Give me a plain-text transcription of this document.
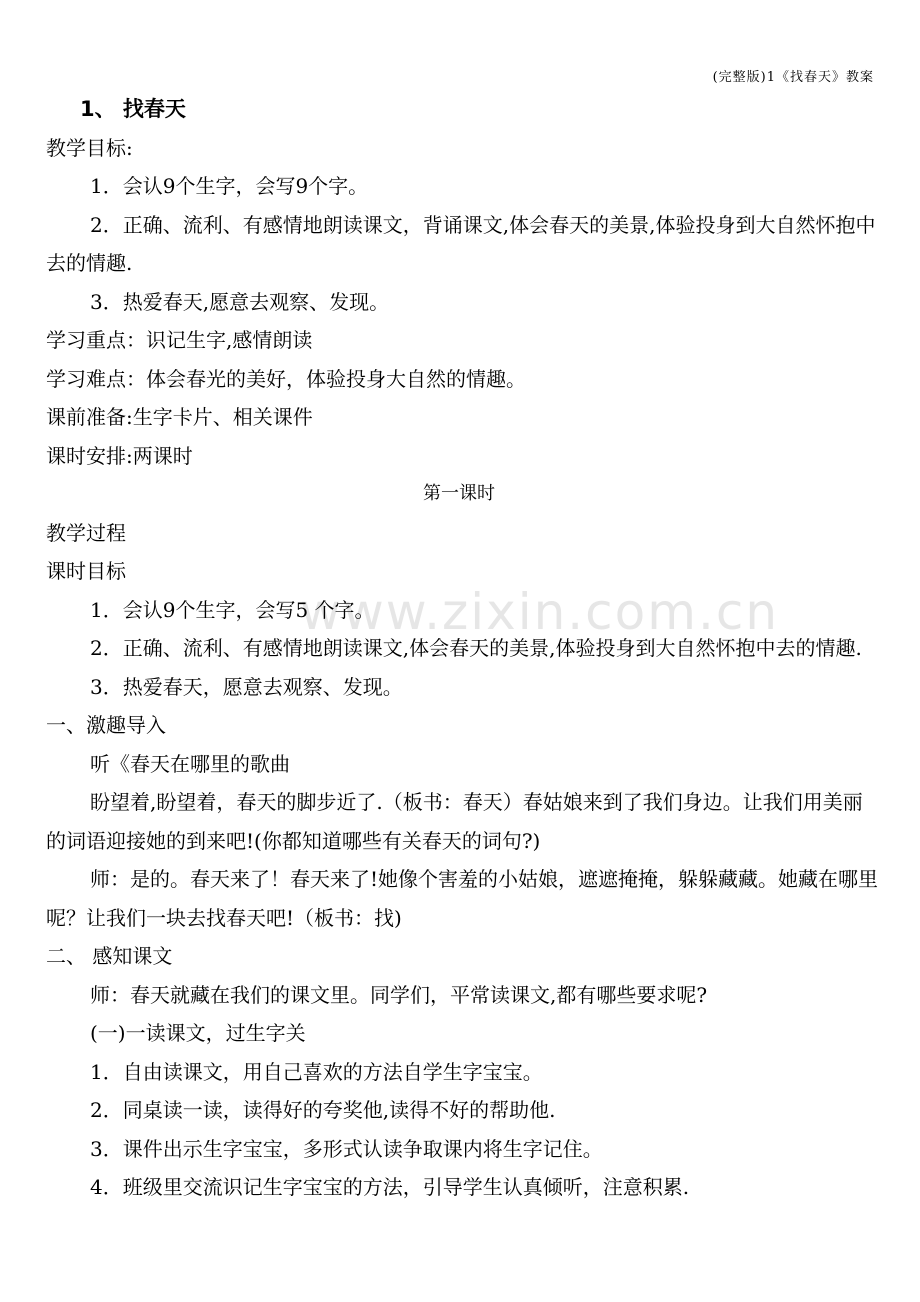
(完整版)1《找春天》教案
www.zixin.com.cn
1、 找春天
教学目标:
1．会认9个生字，会写9个字。
2．正确、流利、有感情地朗读课文，背诵课文,体会春天的美景,体验投身到大自然怀抱中去的情趣.
3．热爱春天,愿意去观察、发现。
学习重点：识记生字,感情朗读
学习难点：体会春光的美好，体验投身大自然的情趣。
课前准备:生字卡片、相关课件
课时安排:两课时
第一课时
教学过程
课时目标
1．会认9个生字，会写5 个字。
2．正确、流利、有感情地朗读课文,体会春天的美景,体验投身到大自然怀抱中去的情趣.
3．热爱春天，愿意去观察、发现。
一、激趣导入
听《春天在哪里的歌曲
盼望着,盼望着，春天的脚步近了.（板书：春天）春姑娘来到了我们身边。让我们用美丽的词语迎接她的到来吧!(你都知道哪些有关春天的词句?)
师：是的。春天来了！春天来了!她像个害羞的小姑娘，遮遮掩掩，躲躲藏藏。她藏在哪里呢？让我们一块去找春天吧!（板书：找)
二、 感知课文
师：春天就藏在我们的课文里。同学们，平常读课文,都有哪些要求呢?
(一)一读课文，过生字关
1．自由读课文，用自己喜欢的方法自学生字宝宝。
2．同桌读一读，读得好的夸奖他,读得不好的帮助他.
3．课件出示生字宝宝，多形式认读争取课内将生字记住。
4．班级里交流识记生字宝宝的方法，引导学生认真倾听，注意积累.
